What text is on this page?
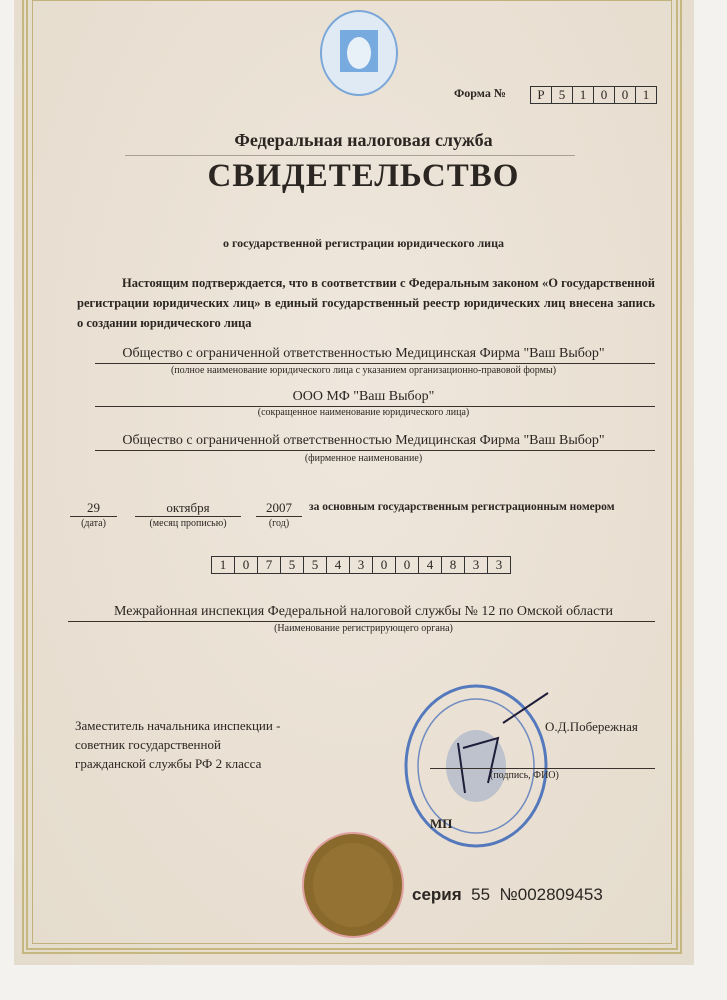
Форма №	Р	5	1	0	0	1
Федеральная налоговая служба
СВИДЕТЕЛЬСТВО
о государственной регистрации юридического лица
Настоящим подтверждается, что в соответствии с Федеральным законом «О государственной регистрации юридических лиц» в единый государственный реестр юридических лиц внесена запись о создании юридического лица
Общество с ограниченной ответственностью Медицинская Фирма "Ваш Выбор"
(полное наименование юридического лица с указанием организационно-правовой формы)
ООО МФ "Ваш Выбор"
(сокращенное наименование юридического лица)
Общество с ограниченной ответственностью Медицинская Фирма "Ваш Выбор"
(фирменное наименование)
29
(дата)
октября
(месяц прописью)
2007
(год)
за основным государственным регистрационным номером
1	0	7	5	5	4	3	0	0	4	8	3	3
Межрайонная инспекция Федеральной налоговой службы № 12 по Омской области
(Наименование регистрирующего органа)
Заместитель начальника инспекции -
советник государственной
гражданской службы РФ 2 класса
О.Д.Побережная
(подпись, ФИО)
МП
серия 55 №002809453
